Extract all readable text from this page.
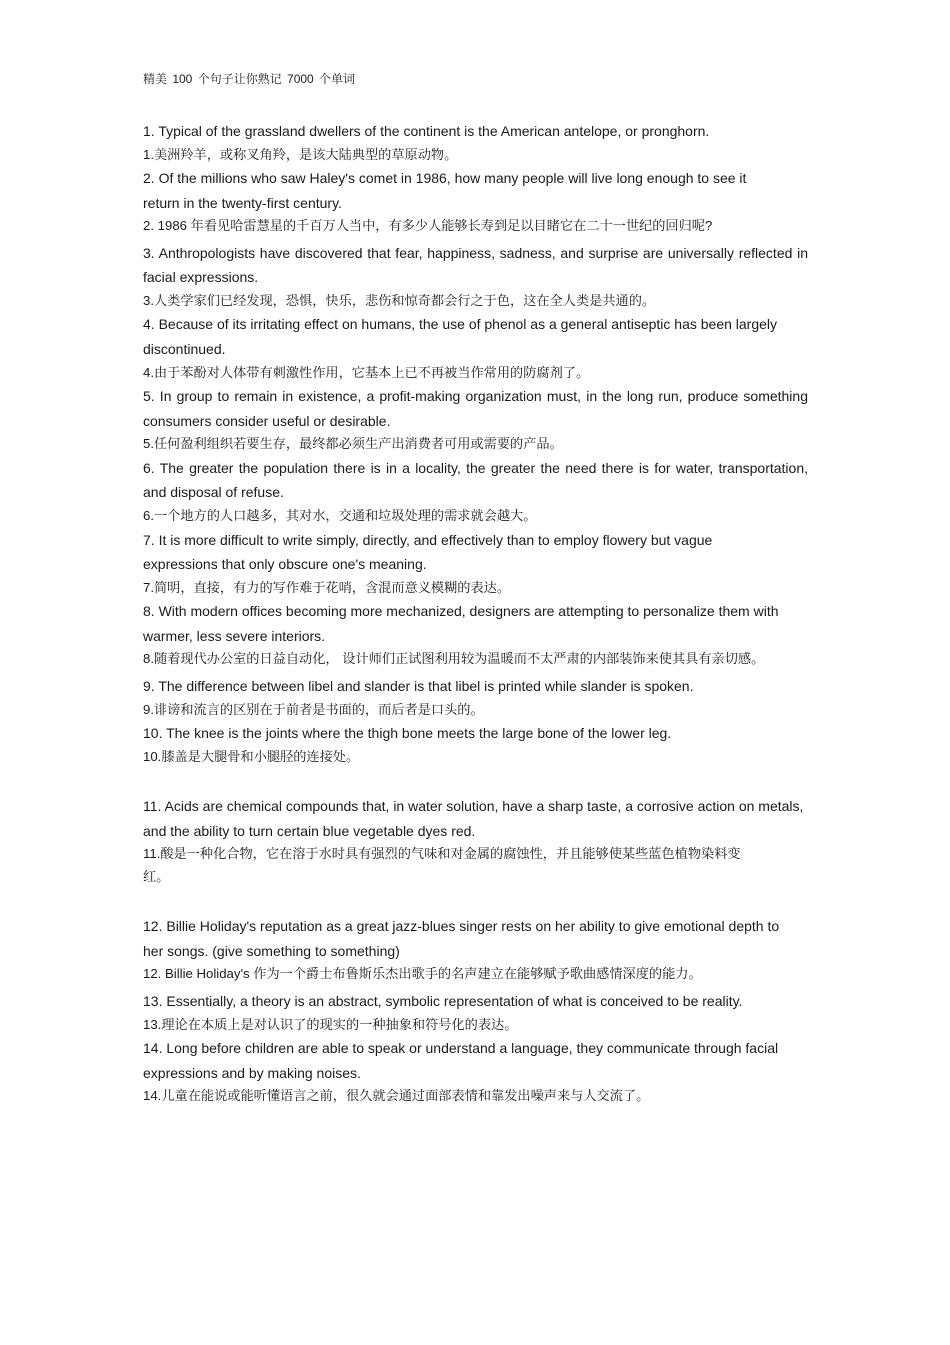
精美 100 个句子让你熟记 7000 个单词
1. Typical of the grassland dwellers of the continent is the American antelope, or pronghorn.
1.美洲羚羊，或称叉角羚，是该大陆典型的草原动物。
2. Of the millions who saw Haley's comet in 1986, how many people will live long enough to see it return in the twenty-first century.
2. 1986 年看见哈雷慧星的千百万人当中，有多少人能够长寿到足以目睹它在二十一世纪的回归呢?
3. Anthropologists have discovered that fear, happiness, sadness, and surprise are universally reflected in facial expressions.
3.人类学家们已经发现，恐惧，快乐，悲伤和惊奇都会行之于色，这在全人类是共通的。
4. Because of its irritating effect on humans, the use of phenol as a general antiseptic has been largely discontinued.
4.由于苯酚对人体带有刺激性作用，它基本上已不再被当作常用的防腐剂了。
5. In group to remain in existence, a profit-making organization must, in the long run, produce something consumers consider useful or desirable.
5.任何盈利组织若要生存，最终都必须生产出消费者可用或需要的产品。
6. The greater the population there is in a locality, the greater the need there is for water, transportation, and disposal of refuse.
6.一个地方的人口越多，其对水，交通和垃圾处理的需求就会越大。
7. It is more difficult to write simply, directly, and effectively than to employ flowery but vague expressions that only obscure one's meaning.
7.简明，直接，有力的写作难于花哨，含混而意义模糊的表达。
8. With modern offices becoming more mechanized, designers are attempting to personalize them with warmer, less severe interiors.
8.随着现代办公室的日益自动化， 设计师们正试图利用较为温暖而不太严肃的内部装饰来使其具有亲切感。
9. The difference between libel and slander is that libel is printed while slander is spoken.
9.诽谤和流言的区别在于前者是书面的，而后者是口头的。
10. The knee is the joints where the thigh bone meets the large bone of the lower leg.
10.膝盖是大腿骨和小腿胫的连接处。
11. Acids are chemical compounds that, in water solution, have a sharp taste, a corrosive action on metals, and the ability to turn certain blue vegetable dyes red.
11.酸是一种化合物，它在溶于水时具有强烈的气味和对金属的腐蚀性，并且能够使某些蓝色植物染料变红。
12. Billie Holiday's reputation as a great jazz-blues singer rests on her ability to give emotional depth to her songs. (give something to something)
12. Billie Holiday's 作为一个爵士布鲁斯乐杰出歌手的名声建立在能够赋予歌曲感情深度的能力。
13. Essentially, a theory is an abstract, symbolic representation of what is conceived to be reality.
13.理论在本质上是对认识了的现实的一种抽象和符号化的表达。
14. Long before children are able to speak or understand a language, they communicate through facial expressions and by making noises.
14.儿童在能说或能听懂语言之前，很久就会通过面部表情和靠发出噪声来与人交流了。
